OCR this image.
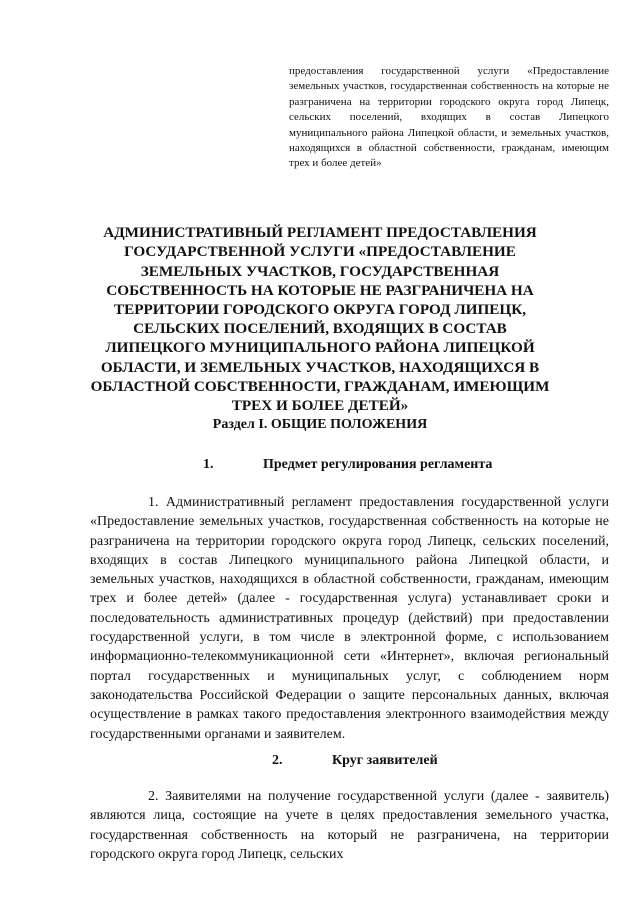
предоставления государственной услуги «Предоставление земельных участков, государственная собственность на которые не разграничена на территории городского округа город Липецк, сельских поселений, входящих в состав Липецкого муниципального района Липецкой области, и земельных участков, находящихся в областной собственности, гражданам, имеющим трех и более детей»
АДМИНИСТРАТИВНЫЙ РЕГЛАМЕНТ ПРЕДОСТАВЛЕНИЯ ГОСУДАРСТВЕННОЙ УСЛУГИ «ПРЕДОСТАВЛЕНИЕ ЗЕМЕЛЬНЫХ УЧАСТКОВ, ГОСУДАРСТВЕННАЯ СОБСТВЕННОСТЬ НА КОТОРЫЕ НЕ РАЗГРАНИЧЕНА НА ТЕРРИТОРИИ ГОРОДСКОГО ОКРУГА ГОРОД ЛИПЕЦК, СЕЛЬСКИХ ПОСЕЛЕНИЙ, ВХОДЯЩИХ В СОСТАВ ЛИПЕЦКОГО МУНИЦИПАЛЬНОГО РАЙОНА ЛИПЕЦКОЙ ОБЛАСТИ, И ЗЕМЕЛЬНЫХ УЧАСТКОВ, НАХОДЯЩИХСЯ В ОБЛАСТНОЙ СОБСТВЕННОСТИ, ГРАЖДАНАМ, ИМЕЮЩИМ ТРЕХ И БОЛЕЕ ДЕТЕЙ»
Раздел I. ОБЩИЕ ПОЛОЖЕНИЯ
1.	Предмет регулирования регламента

1. Административный регламент предоставления государственной услуги «Предоставление земельных участков, государственная собственность на которые не разграничена на территории городского округа город Липецк, сельских поселений, входящих в состав Липецкого муниципального района Липецкой области, и земельных участков, находящихся в областной собственности, гражданам, имеющим трех и более детей» (далее - государственная услуга) устанавливает сроки и последовательность административных процедур (действий) при предоставлении государственной услуги, в том числе в электронной форме, с использованием информационно-телекоммуникационной сети «Интернет», включая региональный портал государственных и муниципальных услуг, с соблюдением норм законодательства Российской Федерации о защите персональных данных, включая осуществление в рамках такого предоставления электронного взаимодействия между государственными органами и заявителем.

2.	Круг заявителей

2. Заявителями на получение государственной услуги (далее - заявитель) являются лица, состоящие на учете в целях предоставления земельного участка, государственная собственность на который не разграничена, на территории городского округа город Липецк, сельских
